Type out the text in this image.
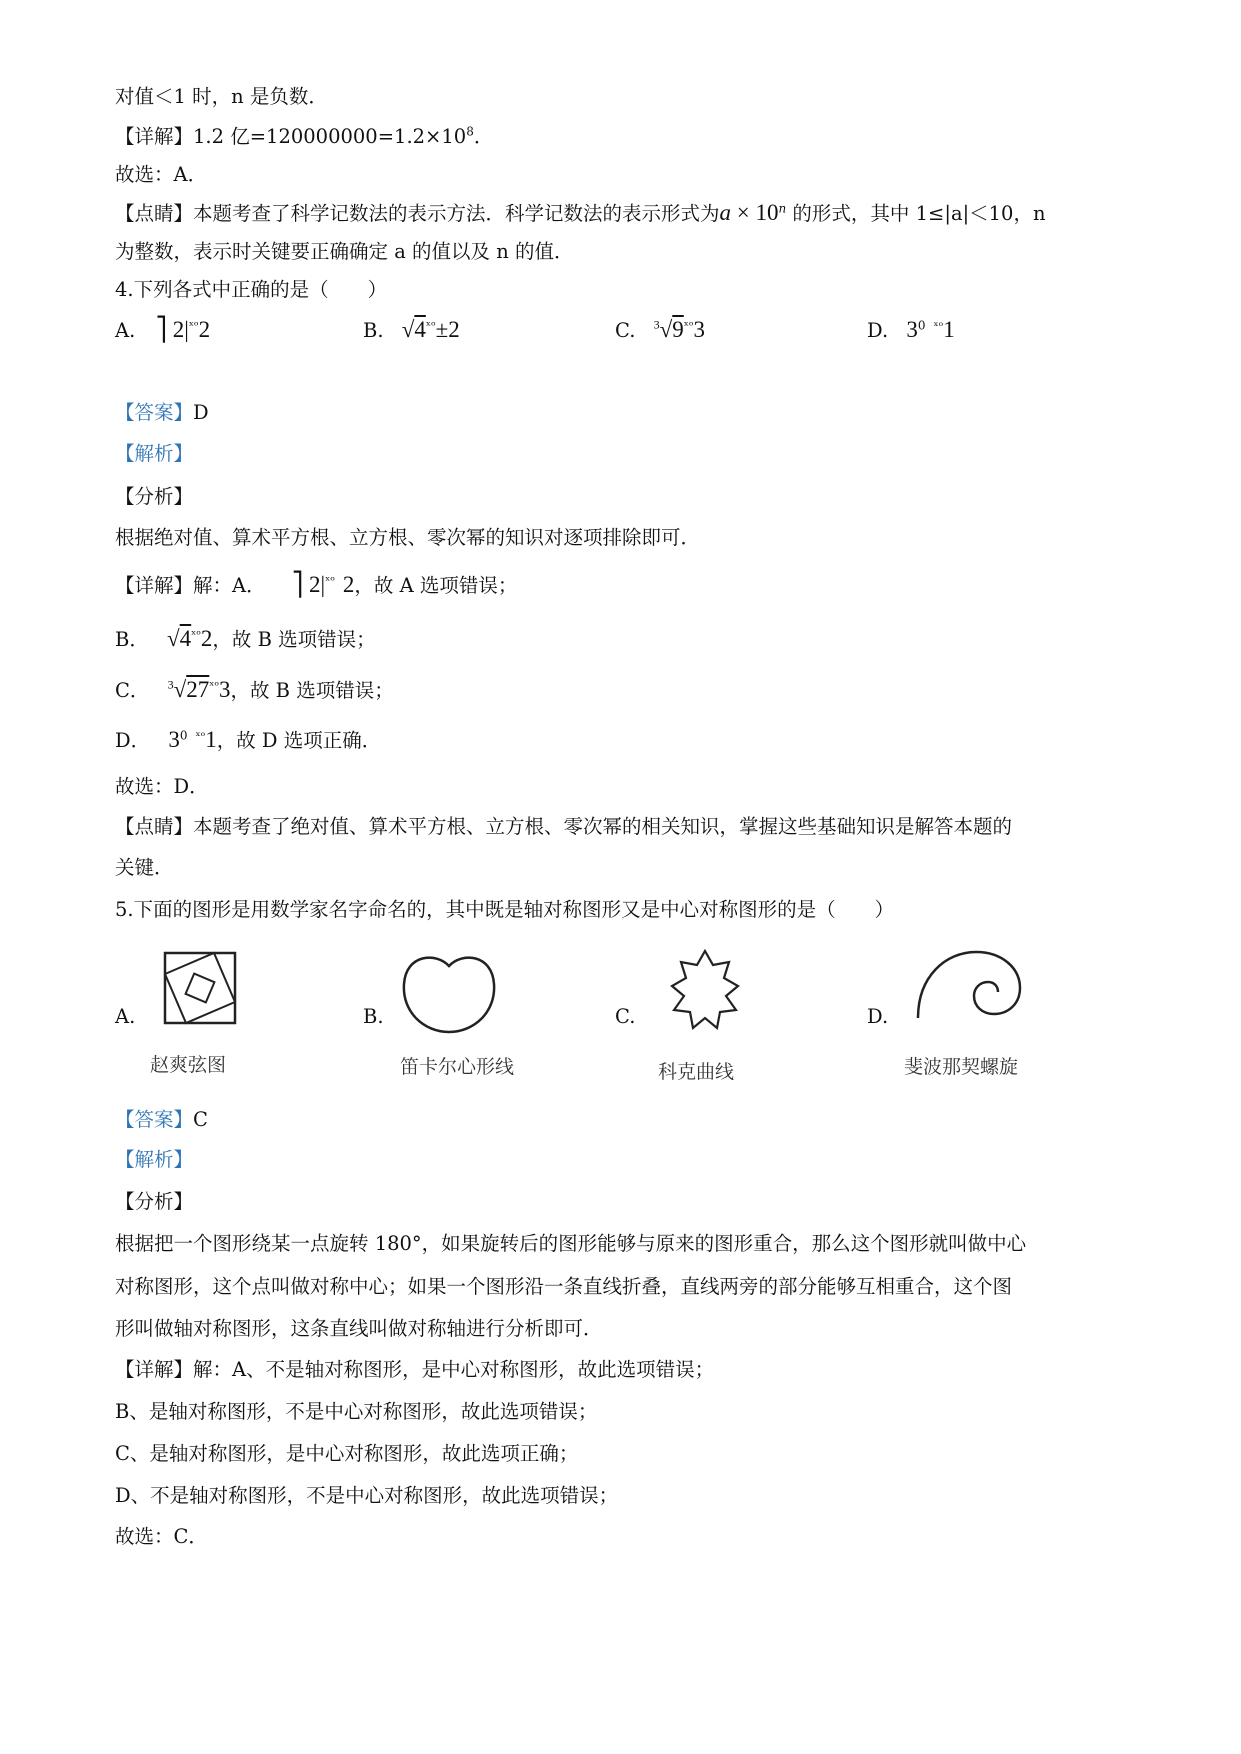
对值＜1 时，n 是负数．
【详解】1.2 亿$=120000000=1.2\times 10^8$．
故选：A．
【点睛】本题考查了科学记数法的表示方法．科学记数法的表示形式为$a \times 10^n$ 的形式，其中 1≤|a|＜10，n
为整数，表示时关键要正确确定 a 的值以及 n 的值．
4.下列各式中正确的是（　　）
A. ⎤ $2|^{ˣᵒ}2$	B. $√4^{ˣᵒ}\pm 2$	C. $^3√9^{ˣᵒ}3$	D. $3^0$ $^{ˣᵒ}$1
【答案】D
【解析】
【分析】
根据绝对值、算术平方根、立方根、零次幂的知识对逐项排除即可．
【详解】解：A． ⎤ $2|^{ˣᵒ}$ 2，故 A 选项错误；
B． $√4^{ˣᵒ}2$，故 B 选项错误；
C． $^3√27^{ˣᵒ}3$，故 B 选项错误；
D． $3^0$ $^{ˣᵒ}$1，故 D 选项正确．
故选：D．
【点睛】本题考查了绝对值、算术平方根、立方根、零次幂的相关知识，掌握这些基础知识是解答本题的
关键．
5.下面的图形是用数学家名字命名的，其中既是轴对称图形又是中心对称图形的是（　　）
A.
赵爽弦图
B.
笛卡尔心形线
C.
科克曲线
D.
斐波那契螺旋
【答案】C
【解析】
【分析】
根据把一个图形绕某一点旋转 180°，如果旋转后的图形能够与原来的图形重合，那么这个图形就叫做中心
对称图形，这个点叫做对称中心；如果一个图形沿一条直线折叠，直线两旁的部分能够互相重合，这个图
形叫做轴对称图形，这条直线叫做对称轴进行分析即可．
【详解】解：A、不是轴对称图形，是中心对称图形，故此选项错误；
B、是轴对称图形，不是中心对称图形，故此选项错误；
C、是轴对称图形，是中心对称图形，故此选项正确；
D、不是轴对称图形，不是中心对称图形，故此选项错误；
故选：C．
